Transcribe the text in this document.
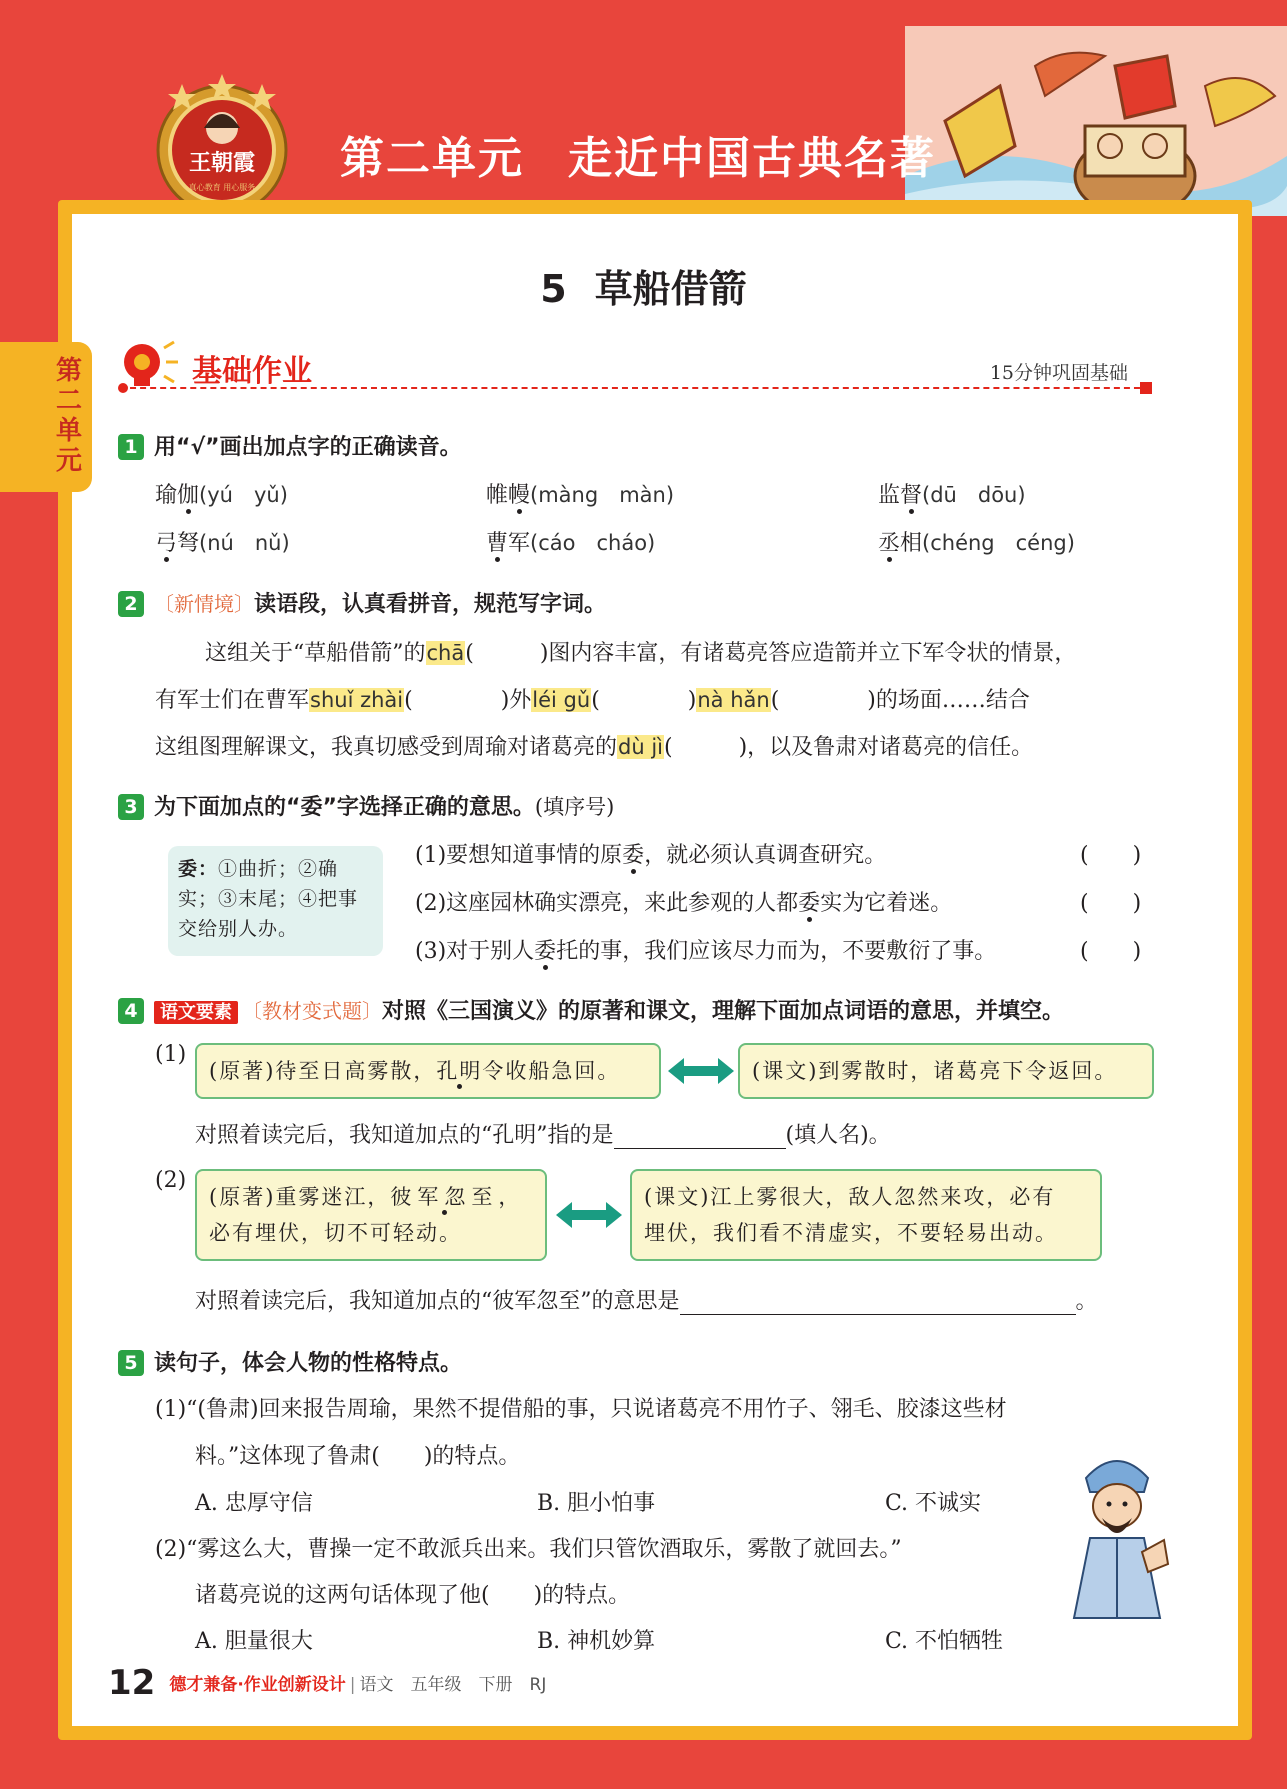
王朝霞
真心教育 用心服务
第二单元 走近中国古典名著
第二单元
5 草船借箭
基础作业	15分钟巩固基础
1 用“√”画出加点字的正确读音。
瑜伽(yú　yǔ)	帷幔(màng　màn)	监督(dū　dōu)
弓弩(nú　nǔ)	曹军(cáo　cháo)	丞相(chéng　céng)
2 〔新情境〕读语段，认真看拼音，规范写字词。
这组关于“草船借箭”的chā(　　　)图内容丰富，有诸葛亮答应造箭并立下军令状的情景，
有军士们在曹军shuǐ zhài(　　　　)外léi gǔ(　　　　)nà hǎn(　　　　)的场面……结合
这组图理解课文，我真切感受到周瑜对诸葛亮的dù jì(　　　)，以及鲁肃对诸葛亮的信任。
3 为下面加点的“委”字选择正确的意思。(填序号)
委：①曲折；②确实；③末尾；④把事交给别人办。
(1)要想知道事情的原委，就必须认真调查研究。	(　　)
(2)这座园林确实漂亮，来此参观的人都委实为它着迷。	(　　)
(3)对于别人委托的事，我们应该尽力而为，不要敷衍了事。	(　　)
4 语文要素 〔教材变式题〕对照《三国演义》的原著和课文，理解下面加点词语的意思，并填空。
(1)
(原著)待至日高雾散，孔明令收船急回。	(课文)到雾散时，诸葛亮下令返回。
对照着读完后，我知道加点的“孔明”指的是	(填人名)。
(2)
(原著)重雾迷江，彼军忽至，
必有埋伏，切不可轻动。
(课文)江上雾很大，敌人忽然来攻，必有
埋伏，我们看不清虚实，不要轻易出动。
对照着读完后，我知道加点的“彼军忽至”的意思是	。
5 读句子，体会人物的性格特点。
(1)“(鲁肃)回来报告周瑜，果然不提借船的事，只说诸葛亮不用竹子、翎毛、胶漆这些材
料。”这体现了鲁肃(　　)的特点。
A. 忠厚守信	B. 胆小怕事	C. 不诚实
(2)“雾这么大，曹操一定不敢派兵出来。我们只管饮酒取乐，雾散了就回去。”
诸葛亮说的这两句话体现了他(　　)的特点。
A. 胆量很大	B. 神机妙算	C. 不怕牺牲
12 德才兼备·作业创新设计 | 语文　五年级　下册　RJ
